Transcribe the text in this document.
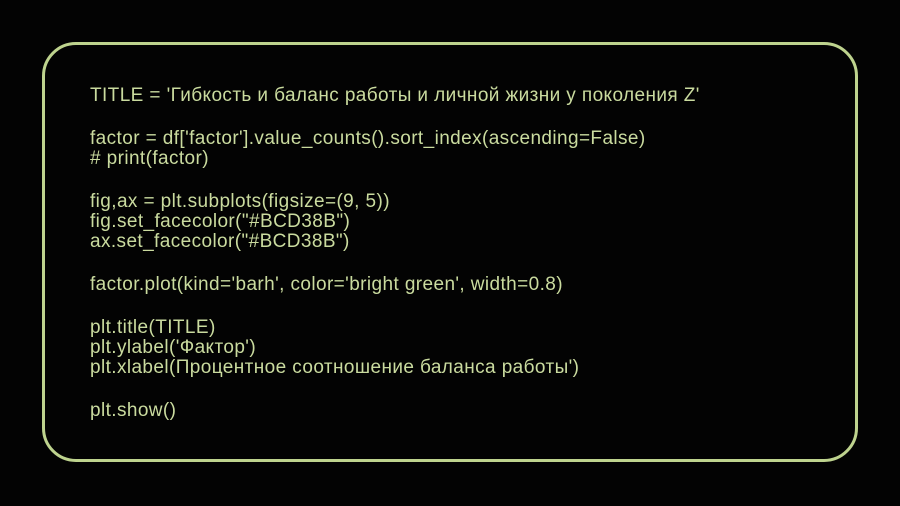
TITLE = 'Гибкость и баланс работы и личной жизни у поколения Z'
factor = df['factor'].value_counts().sort_index(ascending=False)
# print(factor)
fig,ax = plt.subplots(figsize=(9, 5))
fig.set_facecolor("#BCD38B")
ax.set_facecolor("#BCD38B")
factor.plot(kind='barh', color='bright green', width=0.8)
plt.title(TITLE)
plt.ylabel('Фактор')
plt.xlabel(Процентное соотношение баланса работы')
plt.show()
